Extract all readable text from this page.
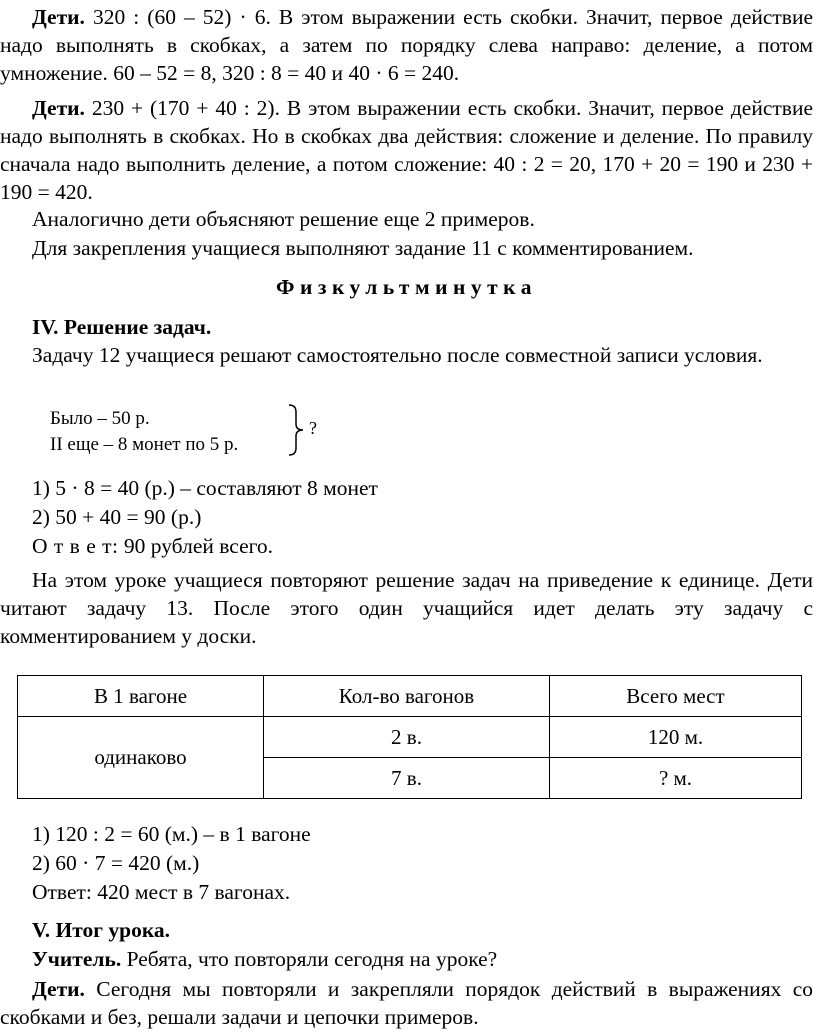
Дети. 320 : (60 – 52) · 6. В этом выражении есть скобки. Значит, первое действие надо выполнять в скобках, а затем по порядку слева направо: деление, а потом умножение. 60 – 52 = 8, 320 : 8 = 40 и 40 · 6 = 240.

Дети. 230 + (170 + 40 : 2). В этом выражении есть скобки. Значит, первое действие надо выполнять в скобках. Но в скобках два действия: сложение и деление. По правилу сначала надо выполнить деление, а потом сложение: 40 : 2 = 20, 170 + 20 = 190 и 230 + 190 = 420.

Аналогично дети объясняют решение еще 2 примеров.

Для закрепления учащиеся выполняют задание 11 с комментированием.

Физкультминутка

IV. Решение задач.

Задачу 12 учащиеся решают самостоятельно после совместной записи условия.

Было – 50 р.
II еще – 8 монет по 5 р.
?

1) 5 · 8 = 40 (р.) – составляют 8 монет

2) 50 + 40 = 90 (р.)

О т в е т: 90 рублей всего.

На этом уроке учащиеся повторяют решение задач на приведение к единице. Дети читают задачу 13. После этого один учащийся идет делать эту задачу с комментированием у доски.

В 1 вагоне	Кол-во вагонов	Всего мест
одинаково	2 в.	120 м.
	7 в.	? м.

1) 120 : 2 = 60 (м.) – в 1 вагоне

2) 60 · 7 = 420 (м.)

Ответ: 420 мест в 7 вагонах.

V. Итог урока.

Учитель. Ребята, что повторяли сегодня на уроке?

Дети. Сегодня мы повторяли и закрепляли порядок действий в выражениях со скобками и без, решали задачи и цепочки примеров.
